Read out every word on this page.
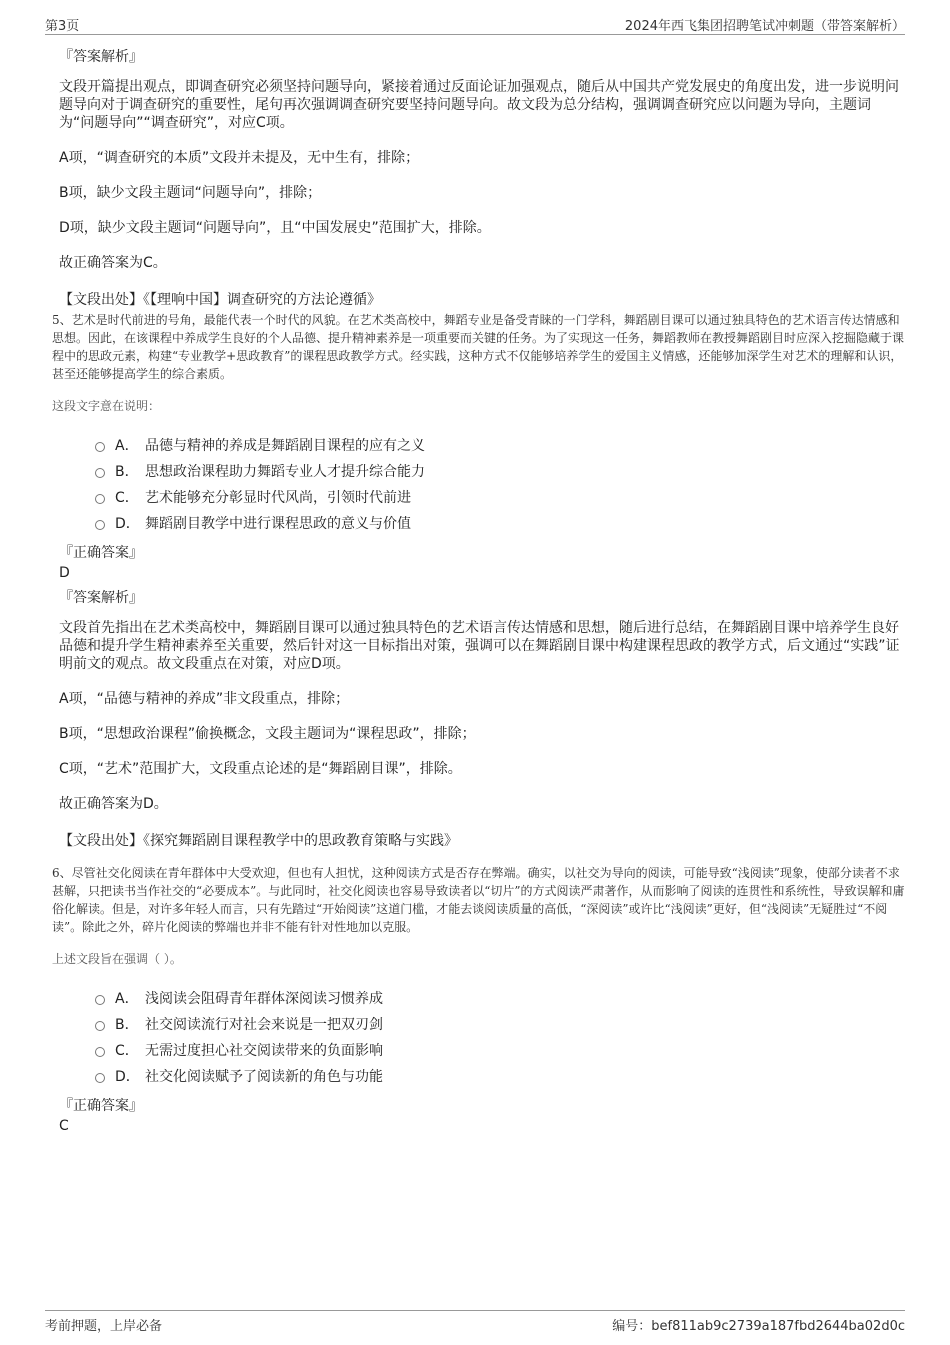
第3页	2024年西飞集团招聘笔试冲刺题（带答案解析）
『答案解析』
文段开篇提出观点，即调查研究必须坚持问题导向，紧接着通过反面论证加强观点，随后从中国共产党发展史的角度出发，进一步说明问题导向对于调查研究的重要性，尾句再次强调调查研究要坚持问题导向。故文段为总分结构，强调调查研究应以问题为导向，主题词为“问题导向”“调查研究”，对应C项。
A项，“调查研究的本质”文段并未提及，无中生有，排除；
B项，缺少文段主题词“问题导向”，排除；
D项，缺少文段主题词“问题导向”，且“中国发展史”范围扩大，排除。
故正确答案为C。
【文段出处】《【理响中国】调查研究的方法论遵循》
5、艺术是时代前进的号角，最能代表一个时代的风貌。在艺术类高校中，舞蹈专业是备受青睐的一门学科，舞蹈剧目课可以通过独具特色的艺术语言传达情感和思想。因此，在该课程中养成学生良好的个人品德、提升精神素养是一项重要而关键的任务。为了实现这一任务，舞蹈教师在教授舞蹈剧目时应深入挖掘隐藏于课程中的思政元素，构建“专业教学+思政教育”的课程思政教学方式。经实践，这种方式不仅能够培养学生的爱国主义情感，还能够加深学生对艺术的理解和认识，甚至还能够提高学生的综合素质。
这段文字意在说明：
A． 品德与精神的养成是舞蹈剧目课程的应有之义
B． 思想政治课程助力舞蹈专业人才提升综合能力
C． 艺术能够充分彰显时代风尚，引领时代前进
D． 舞蹈剧目教学中进行课程思政的意义与价值
『正确答案』
D
『答案解析』
文段首先指出在艺术类高校中，舞蹈剧目课可以通过独具特色的艺术语言传达情感和思想，随后进行总结，在舞蹈剧目课中培养学生良好品德和提升学生精神素养至关重要，然后针对这一目标指出对策，强调可以在舞蹈剧目课中构建课程思政的教学方式，后文通过“实践”证明前文的观点。故文段重点在对策，对应D项。
A项，“品德与精神的养成”非文段重点，排除；
B项，“思想政治课程”偷换概念，文段主题词为“课程思政”，排除；
C项，“艺术”范围扩大，文段重点论述的是“舞蹈剧目课”，排除。
故正确答案为D。
【文段出处】《探究舞蹈剧目课程教学中的思政教育策略与实践》
6、尽管社交化阅读在青年群体中大受欢迎，但也有人担忧，这种阅读方式是否存在弊端。确实，以社交为导向的阅读，可能导致“浅阅读”现象，使部分读者不求甚解，只把读书当作社交的“必要成本”。与此同时，社交化阅读也容易导致读者以“切片”的方式阅读严肃著作，从而影响了阅读的连贯性和系统性，导致误解和庸俗化解读。但是，对许多年轻人而言，只有先踏过“开始阅读”这道门槛，才能去谈阅读质量的高低，“深阅读”或许比“浅阅读”更好，但“浅阅读”无疑胜过“不阅读”。除此之外，碎片化阅读的弊端也并非不能有针对性地加以克服。
上述文段旨在强调（ ）。
A． 浅阅读会阻碍青年群体深阅读习惯养成
B． 社交阅读流行对社会来说是一把双刃剑
C． 无需过度担心社交阅读带来的负面影响
D． 社交化阅读赋予了阅读新的角色与功能
『正确答案』
C
考前押题，上岸必备	编号：bef811ab9c2739a187fbd2644ba02d0c
